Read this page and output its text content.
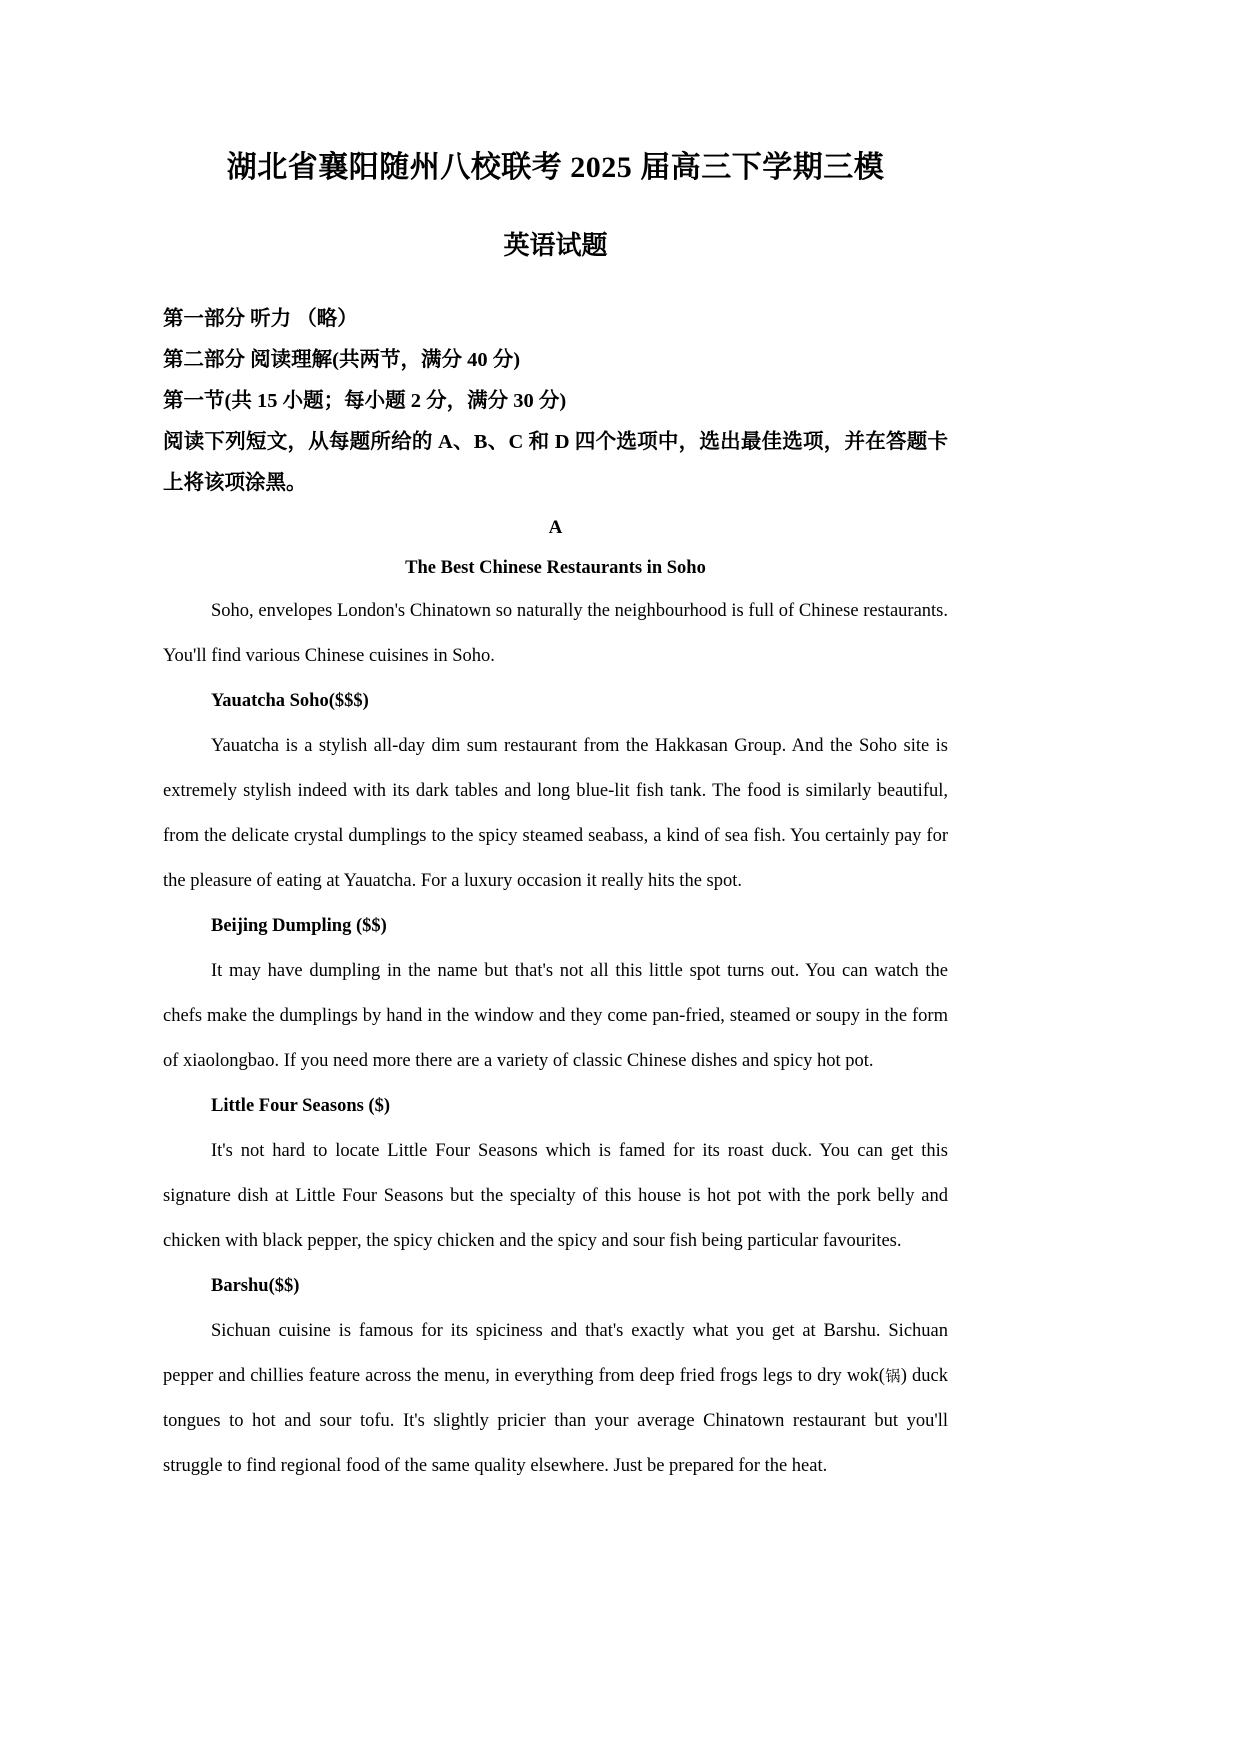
湖北省襄阳随州八校联考 2025 届高三下学期三模
英语试题

第一部分 听力 （略）

第二部分 阅读理解(共两节，满分 40 分)

第一节(共 15 小题；每小题 2 分，满分 30 分)

阅读下列短文，从每题所给的 A、B、C 和 D 四个选项中，选出最佳选项，并在答题卡上将该项涂黑。

A

The Best Chinese Restaurants in Soho

Soho, envelopes London's Chinatown so naturally the neighbourhood is full of Chinese restaurants. You'll find various Chinese cuisines in Soho.

Yauatcha Soho($$$)

Yauatcha is a stylish all-day dim sum restaurant from the Hakkasan Group. And the Soho site is extremely stylish indeed with its dark tables and long blue-lit fish tank. The food is similarly beautiful, from the delicate crystal dumplings to the spicy steamed seabass, a kind of sea fish. You certainly pay for the pleasure of eating at Yauatcha. For a luxury occasion it really hits the spot.

Beijing Dumpling ($$)

It may have dumpling in the name but that's not all this little spot turns out. You can watch the chefs make the dumplings by hand in the window and they come pan-fried, steamed or soupy in the form of xiaolongbao. If you need more there are a variety of classic Chinese dishes and spicy hot pot.

Little Four Seasons ($)

It's not hard to locate Little Four Seasons which is famed for its roast duck. You can get this signature dish at Little Four Seasons but the specialty of this house is hot pot with the pork belly and chicken with black pepper, the spicy chicken and the spicy and sour fish being particular favourites.

Barshu($$)

Sichuan cuisine is famous for its spiciness and that's exactly what you get at Barshu. Sichuan pepper and chillies feature across the menu, in everything from deep fried frogs legs to dry wok(锅) duck tongues to hot and sour tofu. It's slightly pricier than your average Chinatown restaurant but you'll struggle to find regional food of the same quality elsewhere. Just be prepared for the heat.
